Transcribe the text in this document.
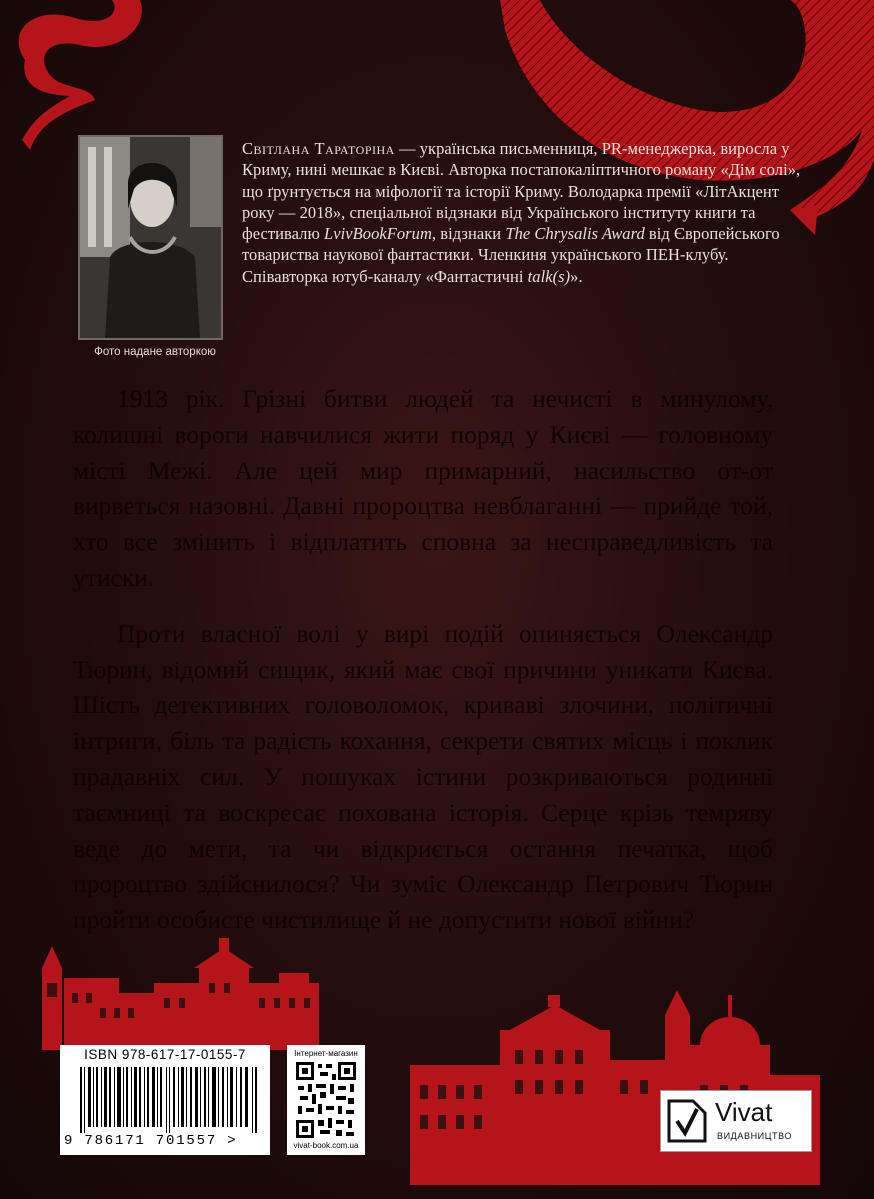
Фото надане авторкою

Світлана Тараторіна — українська письменниця, PR-менеджерка, виросла у Криму, нині мешкає в Києві. Авторка постапокаліптичного роману «Дім солі», що ґрунтується на міфології та історії Криму. Володарка премії «ЛітАкцент року — 2018», спеціальної відзнаки від Українського інституту книги та фестивалю LvivBookForum, відзнаки The Chrysalis Award від Європейського товариства наукової фантастики. Членкиня українського ПЕН-клубу. Співавторка ютуб-каналу «Фантастичні talk(s)».

1913 рік. Грізні битви людей та нечисті в минулому, колишні вороги навчилися жити поряд у Києві — головному місті Межі. Але цей мир примарний, насильство от-от вирветься назовні. Давні пророцтва невблаганні — прийде той, хто все змінить і відплатить сповна за несправедливість та утиски.

Проти власної волі у вирі подій опиняється Олександр Тюрин, відомий сищик, який має свої причини уникати Києва. Шість детективних головоломок, криваві злочини, політичні інтриги, біль та радість кохання, секрети святих місць і поклик прадавніх сил. У пошуках істини розкриваються родинні таємниці та воскресає похована історія. Серце крізь темряву веде до мети, та чи відкриється остання печатка, щоб пророцтво здійснилося? Чи зуміє Олександр Петрович Тюрин пройти особисте чистилище й не допустити нової війни?

ISBN 978-617-17-0155-7
9 786171 701557 >
Інтернет-магазин
vivat-book.com.ua
Vivat
ВИДАВНИЦТВО
